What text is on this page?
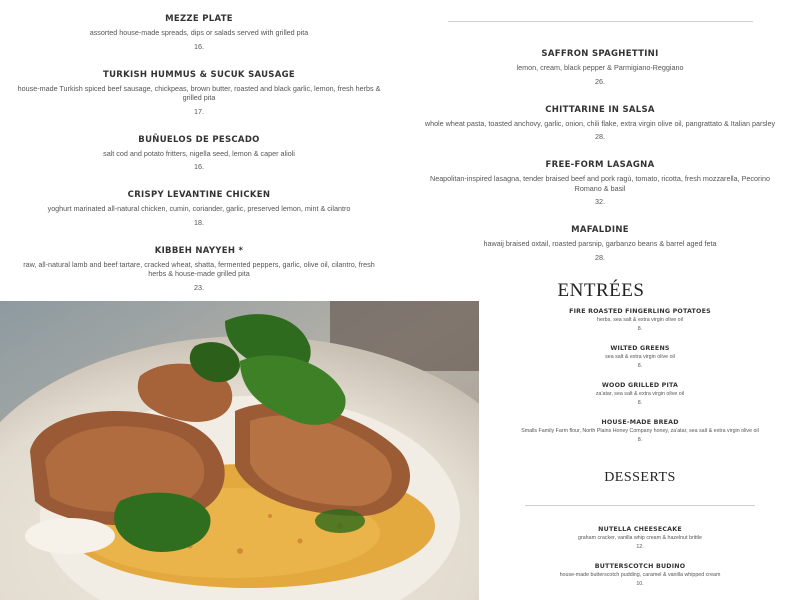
MEZZE PLATE
assorted house-made spreads, dips or salads served with grilled pita
16.
TURKISH HUMMUS & SUCUK SAUSAGE
house-made Turkish spiced beef sausage, chickpeas, brown butter, roasted and black garlic, lemon, fresh herbs & grilled pita
17.
BUÑUELOS DE PESCADO
salt cod and potato fritters, nigella seed, lemon & caper alioli
16.
CRISPY LEVANTINE CHICKEN
yoghurt marinated all-natural chicken, cumin, coriander, garlic, preserved lemon, mint & cilantro
18.
KIBBEH NAYYEH *
raw, all-natural lamb and beef tartare, cracked wheat, shatta, fermented peppers, garlic, olive oil, cilantro, fresh herbs & house-made grilled pita
23.
SAFFRON SPAGHETTINI
lemon, cream, black pepper & Parmigiano-Reggiano
26.
CHITTARINE IN SALSA
whole wheat pasta, toasted anchovy, garlic, onion, chili flake, extra virgin olive oil, pangrattato & Italian parsley
28.
FREE-FORM LASAGNA
Neapolitan-inspired lasagna, tender braised beef and pork ragù, tomato, ricotta, fresh mozzarella, Pecorino Romano & basil
32.
MAFALDINE
hawaij braised oxtail, roasted parsnip, garbanzo beans & barrel aged feta
28.
ENTRÉES
FIRE ROASTED FINGERLING POTATOES
herbs, sea salt & extra virgin olive oil
8.
WILTED GREENS
sea salt & extra virgin olive oil
8.
WOOD GRILLED PITA
za'atar, sea salt & extra virgin olive oil
8.
HOUSE-MADE BREAD
Smalls Family Farm flour, North Plains Honey Company honey, za'atar, sea salt & extra virgin olive oil
8.
DESSERTS
NUTELLA CHEESECAKE
graham cracker, vanilla whip cream & hazelnut brittle
12.
BUTTERSCOTCH BUDINO
house-made butterscotch pudding, caramel & vanilla whipped cream
10.
